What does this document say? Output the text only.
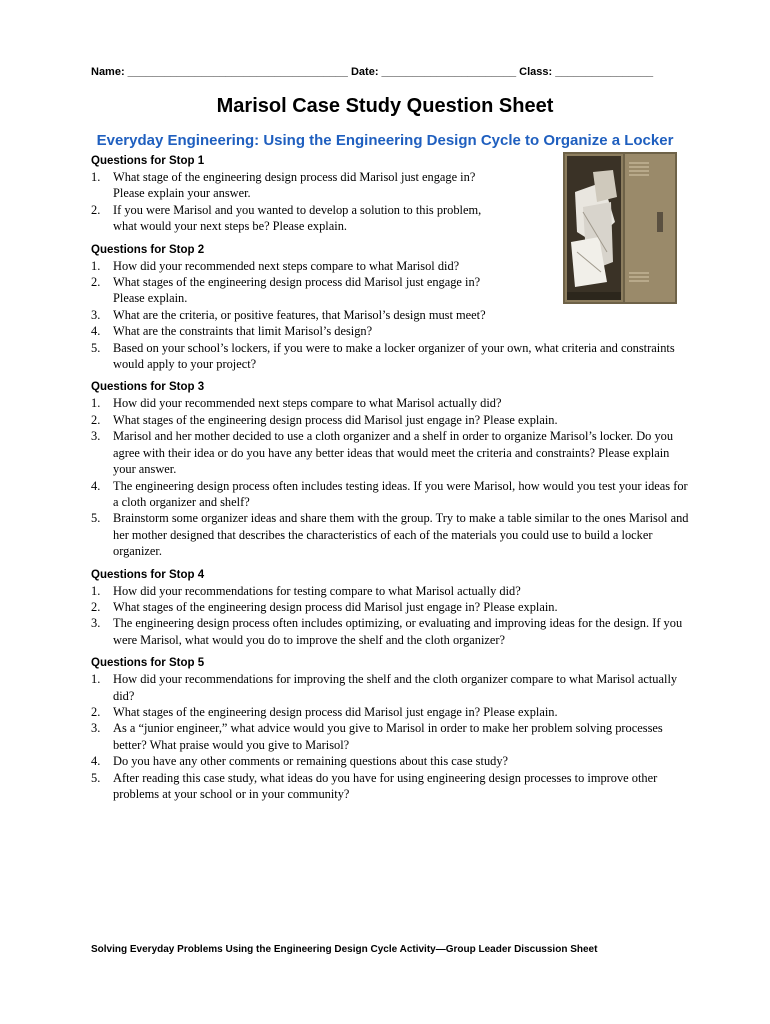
Name: ____________________________________ Date: ______________________ Class: ________________
Marisol Case Study Question Sheet
Everyday Engineering: Using the Engineering Design Cycle to Organize a Locker

Questions for Stop 1

1.	What stage of the engineering design process did Marisol just engage in? Please explain your answer.
2.	If you were Marisol and you wanted to develop a solution to this problem, what would your next steps be? Please explain.

Questions for Stop 2

1.	How did your recommended next steps compare to what Marisol did?
2.	What stages of the engineering design process did Marisol just engage in? Please explain.
3.	What are the criteria, or positive features, that Marisol’s design must meet?
4.	What are the constraints that limit Marisol’s design?
5.	Based on your school’s lockers, if you were to make a locker organizer of your own, what criteria and constraints would apply to your project?

Questions for Stop 3

1.	How did your recommended next steps compare to what Marisol actually did?
2.	What stages of the engineering design process did Marisol just engage in? Please explain.
3.	Marisol and her mother decided to use a cloth organizer and a shelf in order to organize Marisol’s locker. Do you agree with their idea or do you have any better ideas that would meet the criteria and constraints? Please explain your answer.
4.	The engineering design process often includes testing ideas. If you were Marisol, how would you test your ideas for a cloth organizer and shelf?
5.	Brainstorm some organizer ideas and share them with the group. Try to make a table similar to the ones Marisol and her mother designed that describes the characteristics of each of the materials you could use to build a locker organizer.

Questions for Stop 4

1.	How did your recommendations for testing compare to what Marisol actually did?
2.	What stages of the engineering design process did Marisol just engage in? Please explain.
3.	The engineering design process often includes optimizing, or evaluating and improving ideas for the design. If you were Marisol, what would you do to improve the shelf and the cloth organizer?

Questions for Stop 5

1.	How did your recommendations for improving the shelf and the cloth organizer compare to what Marisol actually did?
2.	What stages of the engineering design process did Marisol just engage in? Please explain.
3.	As a “junior engineer,” what advice would you give to Marisol in order to make her problem solving processes better? What praise would you give to Marisol?
4.	Do you have any other comments or remaining questions about this case study?
5.	After reading this case study, what ideas do you have for using engineering design processes to improve other problems at your school or in your community?
Solving Everyday Problems Using the Engineering Design Cycle Activity—Group Leader Discussion Sheet
